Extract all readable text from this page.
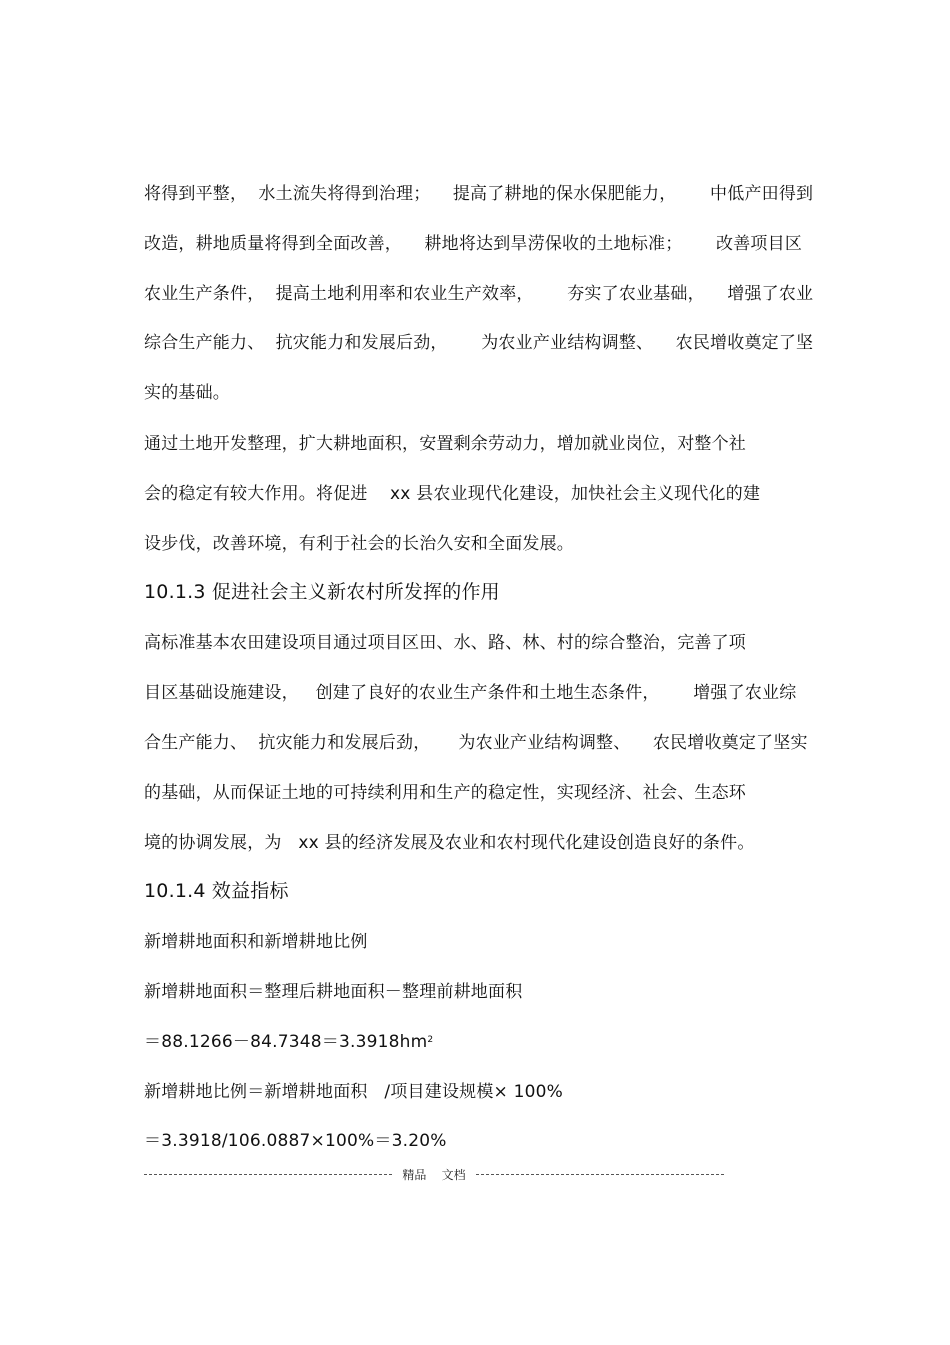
将得到平整，  水土流失将得到治理；    提高了耕地的保水保肥能力，      中低产田得到
改造，耕地质量将得到全面改善，    耕地将达到旱涝保收的土地标准；      改善项目区
农业生产条件，  提高土地利用率和农业生产效率，      夯实了农业基础，    增强了农业
综合生产能力、  抗灾能力和发展后劲，      为农业产业结构调整、    农民增收奠定了坚
实的基础。
通过土地开发整理，扩大耕地面积，安置剩余劳动力，增加就业岗位，对整个社
会的稳定有较大作用。将促进    xx 县农业现代化建设，加快社会主义现代化的建
设步伐，改善环境，有利于社会的长治久安和全面发展。
10.1.3 促进社会主义新农村所发挥的作用
高标准基本农田建设项目通过项目区田、水、路、林、村的综合整治，完善了项
目区基础设施建设，   创建了良好的农业生产条件和土地生态条件，      增强了农业综
合生产能力、  抗灾能力和发展后劲，     为农业产业结构调整、    农民增收奠定了坚实
的基础，从而保证土地的可持续利用和生产的稳定性，实现经济、社会、生态环
境的协调发展，为   xx 县的经济发展及农业和农村现代化建设创造良好的条件。
10.1.4 效益指标
新增耕地面积和新增耕地比例
新增耕地面积＝整理后耕地面积－整理前耕地面积
$=88.1266-84.7348=3.3918hm^2$
新增耕地比例＝新增耕地面积   /项目建设规模× 100%
＝3.3918/106.0887×100%＝3.20%
精品    文档
